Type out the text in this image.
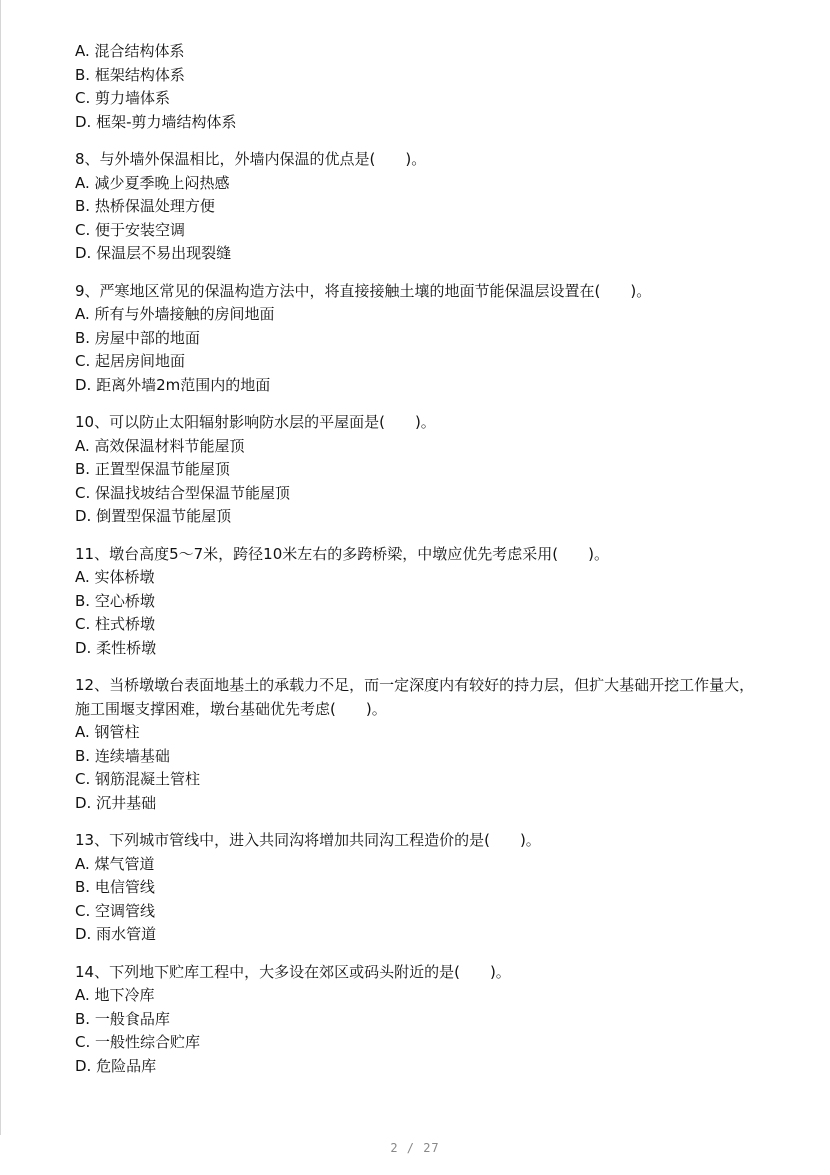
A. 混合结构体系
B. 框架结构体系
C. 剪力墙体系
D. 框架-剪力墙结构体系
8、与外墙外保温相比，外墙内保温的优点是(　　)。
A. 减少夏季晚上闷热感
B. 热桥保温处理方便
C. 便于安装空调
D. 保温层不易出现裂缝
9、严寒地区常见的保温构造方法中，将直接接触土壤的地面节能保温层设置在(　　)。
A. 所有与外墙接触的房间地面
B. 房屋中部的地面
C. 起居房间地面
D. 距离外墙2m范围内的地面
10、可以防止太阳辐射影响防水层的平屋面是(　　)。
A. 高效保温材料节能屋顶
B. 正置型保温节能屋顶
C. 保温找坡结合型保温节能屋顶
D. 倒置型保温节能屋顶
11、墩台高度5～7米，跨径10米左右的多跨桥梁，中墩应优先考虑采用(　　)。
A. 实体桥墩
B. 空心桥墩
C. 柱式桥墩
D. 柔性桥墩
12、当桥墩墩台表面地基土的承载力不足，而一定深度内有较好的持力层，但扩大基础开挖工作量大，施工围堰支撑困难，墩台基础优先考虑(　　)。
A. 钢管柱
B. 连续墙基础
C. 钢筋混凝土管柱
D. 沉井基础
13、下列城市管线中，进入共同沟将增加共同沟工程造价的是(　　)。
A. 煤气管道
B. 电信管线
C. 空调管线
D. 雨水管道
14、下列地下贮库工程中，大多设在郊区或码头附近的是(　　)。
A. 地下冷库
B. 一般食品库
C. 一般性综合贮库
D. 危险品库
2 / 27
